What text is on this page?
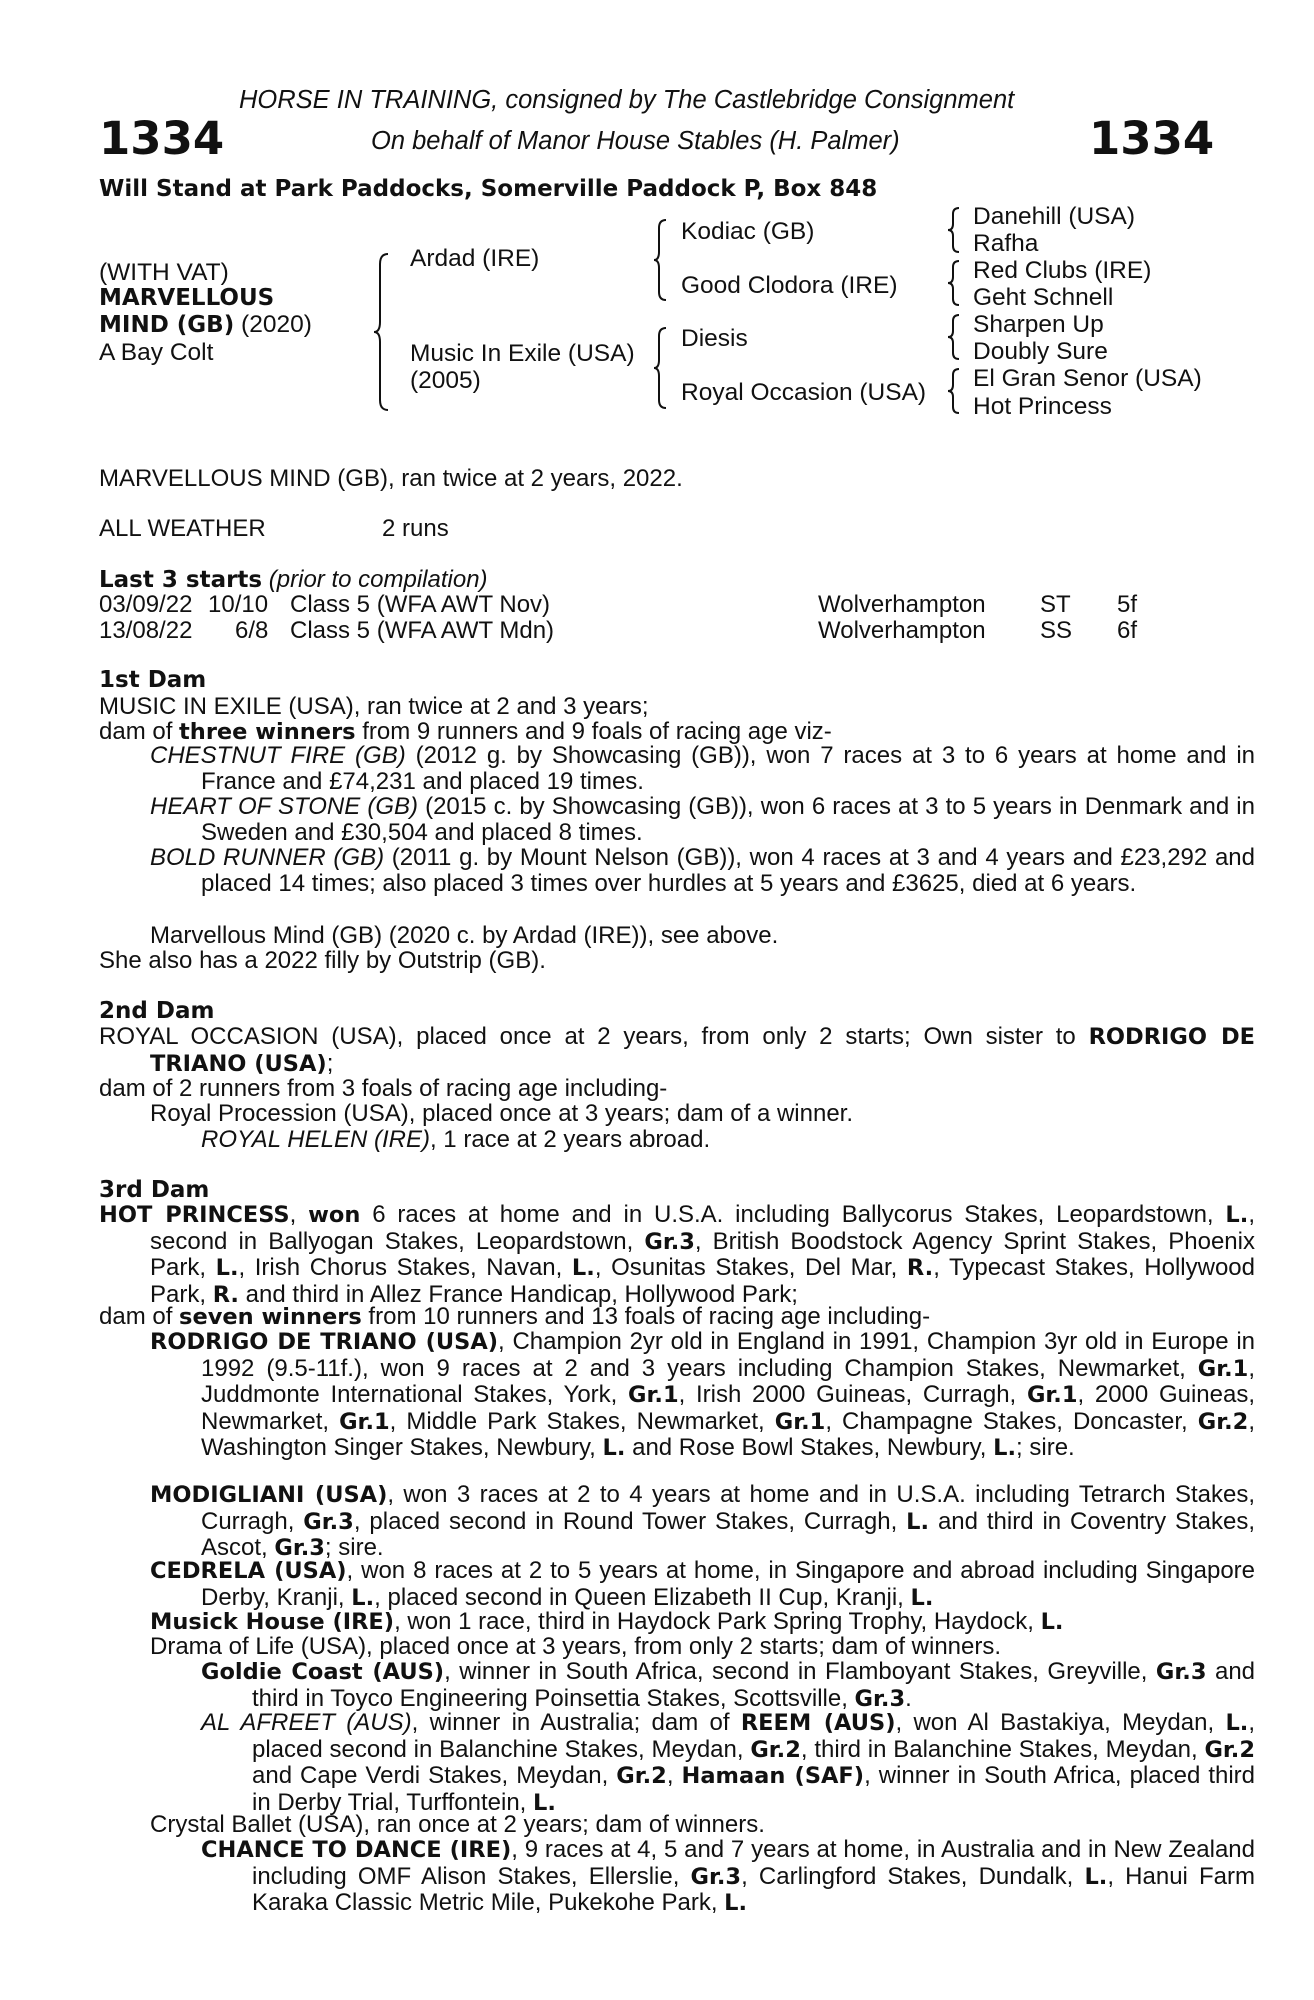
1334	1334
HORSE IN TRAINING, consigned by The Castlebridge Consignment
On behalf of Manor House Stables (H. Palmer)
Will Stand at Park Paddocks, Somerville Paddock P, Box 848
(WITH VAT)
MARVELLOUS
MIND (GB) (2020)
A Bay Colt
Ardad (IRE)
Music In Exile (USA)
(2005)
Kodiac (GB)
Good Clodora (IRE)
Diesis
Royal Occasion (USA)
Danehill (USA)
Rafha
Red Clubs (IRE)
Geht Schnell
Sharpen Up
Doubly Sure
El Gran Senor (USA)
Hot Princess
MARVELLOUS MIND (GB), ran twice at 2 years, 2022.
ALL WEATHER	2 runs
Last 3 starts (prior to compilation)
03/09/22 10/10 Class 5 (WFA AWT Nov)	Wolverhampton ST 5f
13/08/22 6/8 Class 5 (WFA AWT Mdn)	Wolverhampton SS 6f
1st Dam
MUSIC IN EXILE (USA), ran twice at 2 and 3 years;
dam of three winners from 9 runners and 9 foals of racing age viz-

CHESTNUT FIRE (GB) (2012 g. by Showcasing (GB)), won 7 races at 3 to 6 years at home and in France and £74,231 and placed 19 times.

HEART OF STONE (GB) (2015 c. by Showcasing (GB)), won 6 races at 3 to 5 years in Denmark and in Sweden and £30,504 and placed 8 times.

BOLD RUNNER (GB) (2011 g. by Mount Nelson (GB)), won 4 races at 3 and 4 years and £23,292 and placed 14 times; also placed 3 times over hurdles at 5 years and £3625, died at 6 years.

Marvellous Mind (GB) (2020 c. by Ardad (IRE)), see above.
She also has a 2022 filly by Outstrip (GB).
2nd Dam

ROYAL OCCASION (USA), placed once at 2 years, from only 2 starts; Own sister to RODRIGO DE TRIANO (USA);

dam of 2 runners from 3 foals of racing age including-
Royal Procession (USA), placed once at 3 years; dam of a winner.
ROYAL HELEN (IRE), 1 race at 2 years abroad.
3rd Dam

HOT PRINCESS, won 6 races at home and in U.S.A. including Ballycorus Stakes, Leopardstown, L., second in Ballyogan Stakes, Leopardstown, Gr.3, British Boodstock Agency Sprint Stakes, Phoenix Park, L., Irish Chorus Stakes, Navan, L., Osunitas Stakes, Del Mar, R., Typecast Stakes, Hollywood Park, R. and third in Allez France Handicap, Hollywood Park;

dam of seven winners from 10 runners and 13 foals of racing age including-

RODRIGO DE TRIANO (USA), Champion 2yr old in England in 1991, Champion 3yr old in Europe in 1992 (9.5-11f.), won 9 races at 2 and 3 years including Champion Stakes, Newmarket, Gr.1, Juddmonte International Stakes, York, Gr.1, Irish 2000 Guineas, Curragh, Gr.1, 2000 Guineas, Newmarket, Gr.1, Middle Park Stakes, Newmarket, Gr.1, Champagne Stakes, Doncaster, Gr.2, Washington Singer Stakes, Newbury, L. and Rose Bowl Stakes, Newbury, L.; sire.

MODIGLIANI (USA), won 3 races at 2 to 4 years at home and in U.S.A. including Tetrarch Stakes, Curragh, Gr.3, placed second in Round Tower Stakes, Curragh, L. and third in Coventry Stakes, Ascot, Gr.3; sire.

CEDRELA (USA), won 8 races at 2 to 5 years at home, in Singapore and abroad including Singapore Derby, Kranji, L., placed second in Queen Elizabeth II Cup, Kranji, L.

Musick House (IRE), won 1 race, third in Haydock Park Spring Trophy, Haydock, L.

Drama of Life (USA), placed once at 3 years, from only 2 starts; dam of winners.

Goldie Coast (AUS), winner in South Africa, second in Flamboyant Stakes, Greyville, Gr.3 and third in Toyco Engineering Poinsettia Stakes, Scottsville, Gr.3.

AL AFREET (AUS), winner in Australia; dam of REEM (AUS), won Al Bastakiya, Meydan, L., placed second in Balanchine Stakes, Meydan, Gr.2, third in Balanchine Stakes, Meydan, Gr.2 and Cape Verdi Stakes, Meydan, Gr.2, Hamaan (SAF), winner in South Africa, placed third in Derby Trial, Turffontein, L.

Crystal Ballet (USA), ran once at 2 years; dam of winners.

CHANCE TO DANCE (IRE), 9 races at 4, 5 and 7 years at home, in Australia and in New Zealand including OMF Alison Stakes, Ellerslie, Gr.3, Carlingford Stakes, Dundalk, L., Hanui Farm Karaka Classic Metric Mile, Pukekohe Park, L.
